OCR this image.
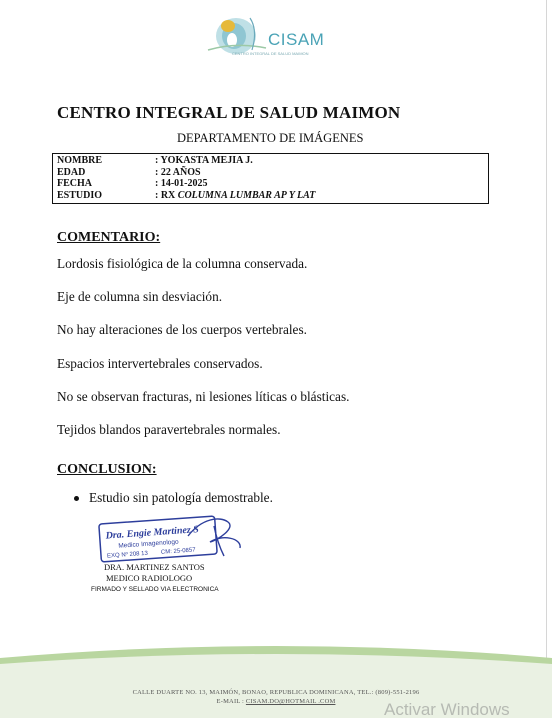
CISAM
CENTRO INTEGRAL DE SALUD MAIMON
CENTRO INTEGRAL DE SALUD MAIMON
DEPARTAMENTO DE IMÁGENES
NOMBRE	: YOKASTA MEJIA J.
EDAD	: 22 AÑOS
FECHA	: 14-01-2025
ESTUDIO	: RX COLUMNA LUMBAR AP Y LAT
COMENTARIO:
Lordosis fisiológica de la columna conservada.
Eje de columna sin desviación.
No hay alteraciones de los cuerpos vertebrales.
Espacios intervertebrales conservados.
No se observan fracturas, ni lesiones líticas o blásticas.
Tejidos blandos paravertebrales normales.
CONCLUSION:
Estudio sin patología demostrable.
Dra. Engie Martinez S
Medico Imagenologo
EXQ Nº 208 13 CM: 25-0857
DRA. MARTINEZ SANTOS
MEDICO RADIOLOGO
FIRMADO Y SELLADO VIA ELECTRONICA
CALLE DUARTE NO. 13, MAIMÓN, BONAO, REPUBLICA DOMINICANA, TEL.: (809)-551-2196
E-MAIL : CISAM.DO@HOTMAIL .COM	Activar Windows
